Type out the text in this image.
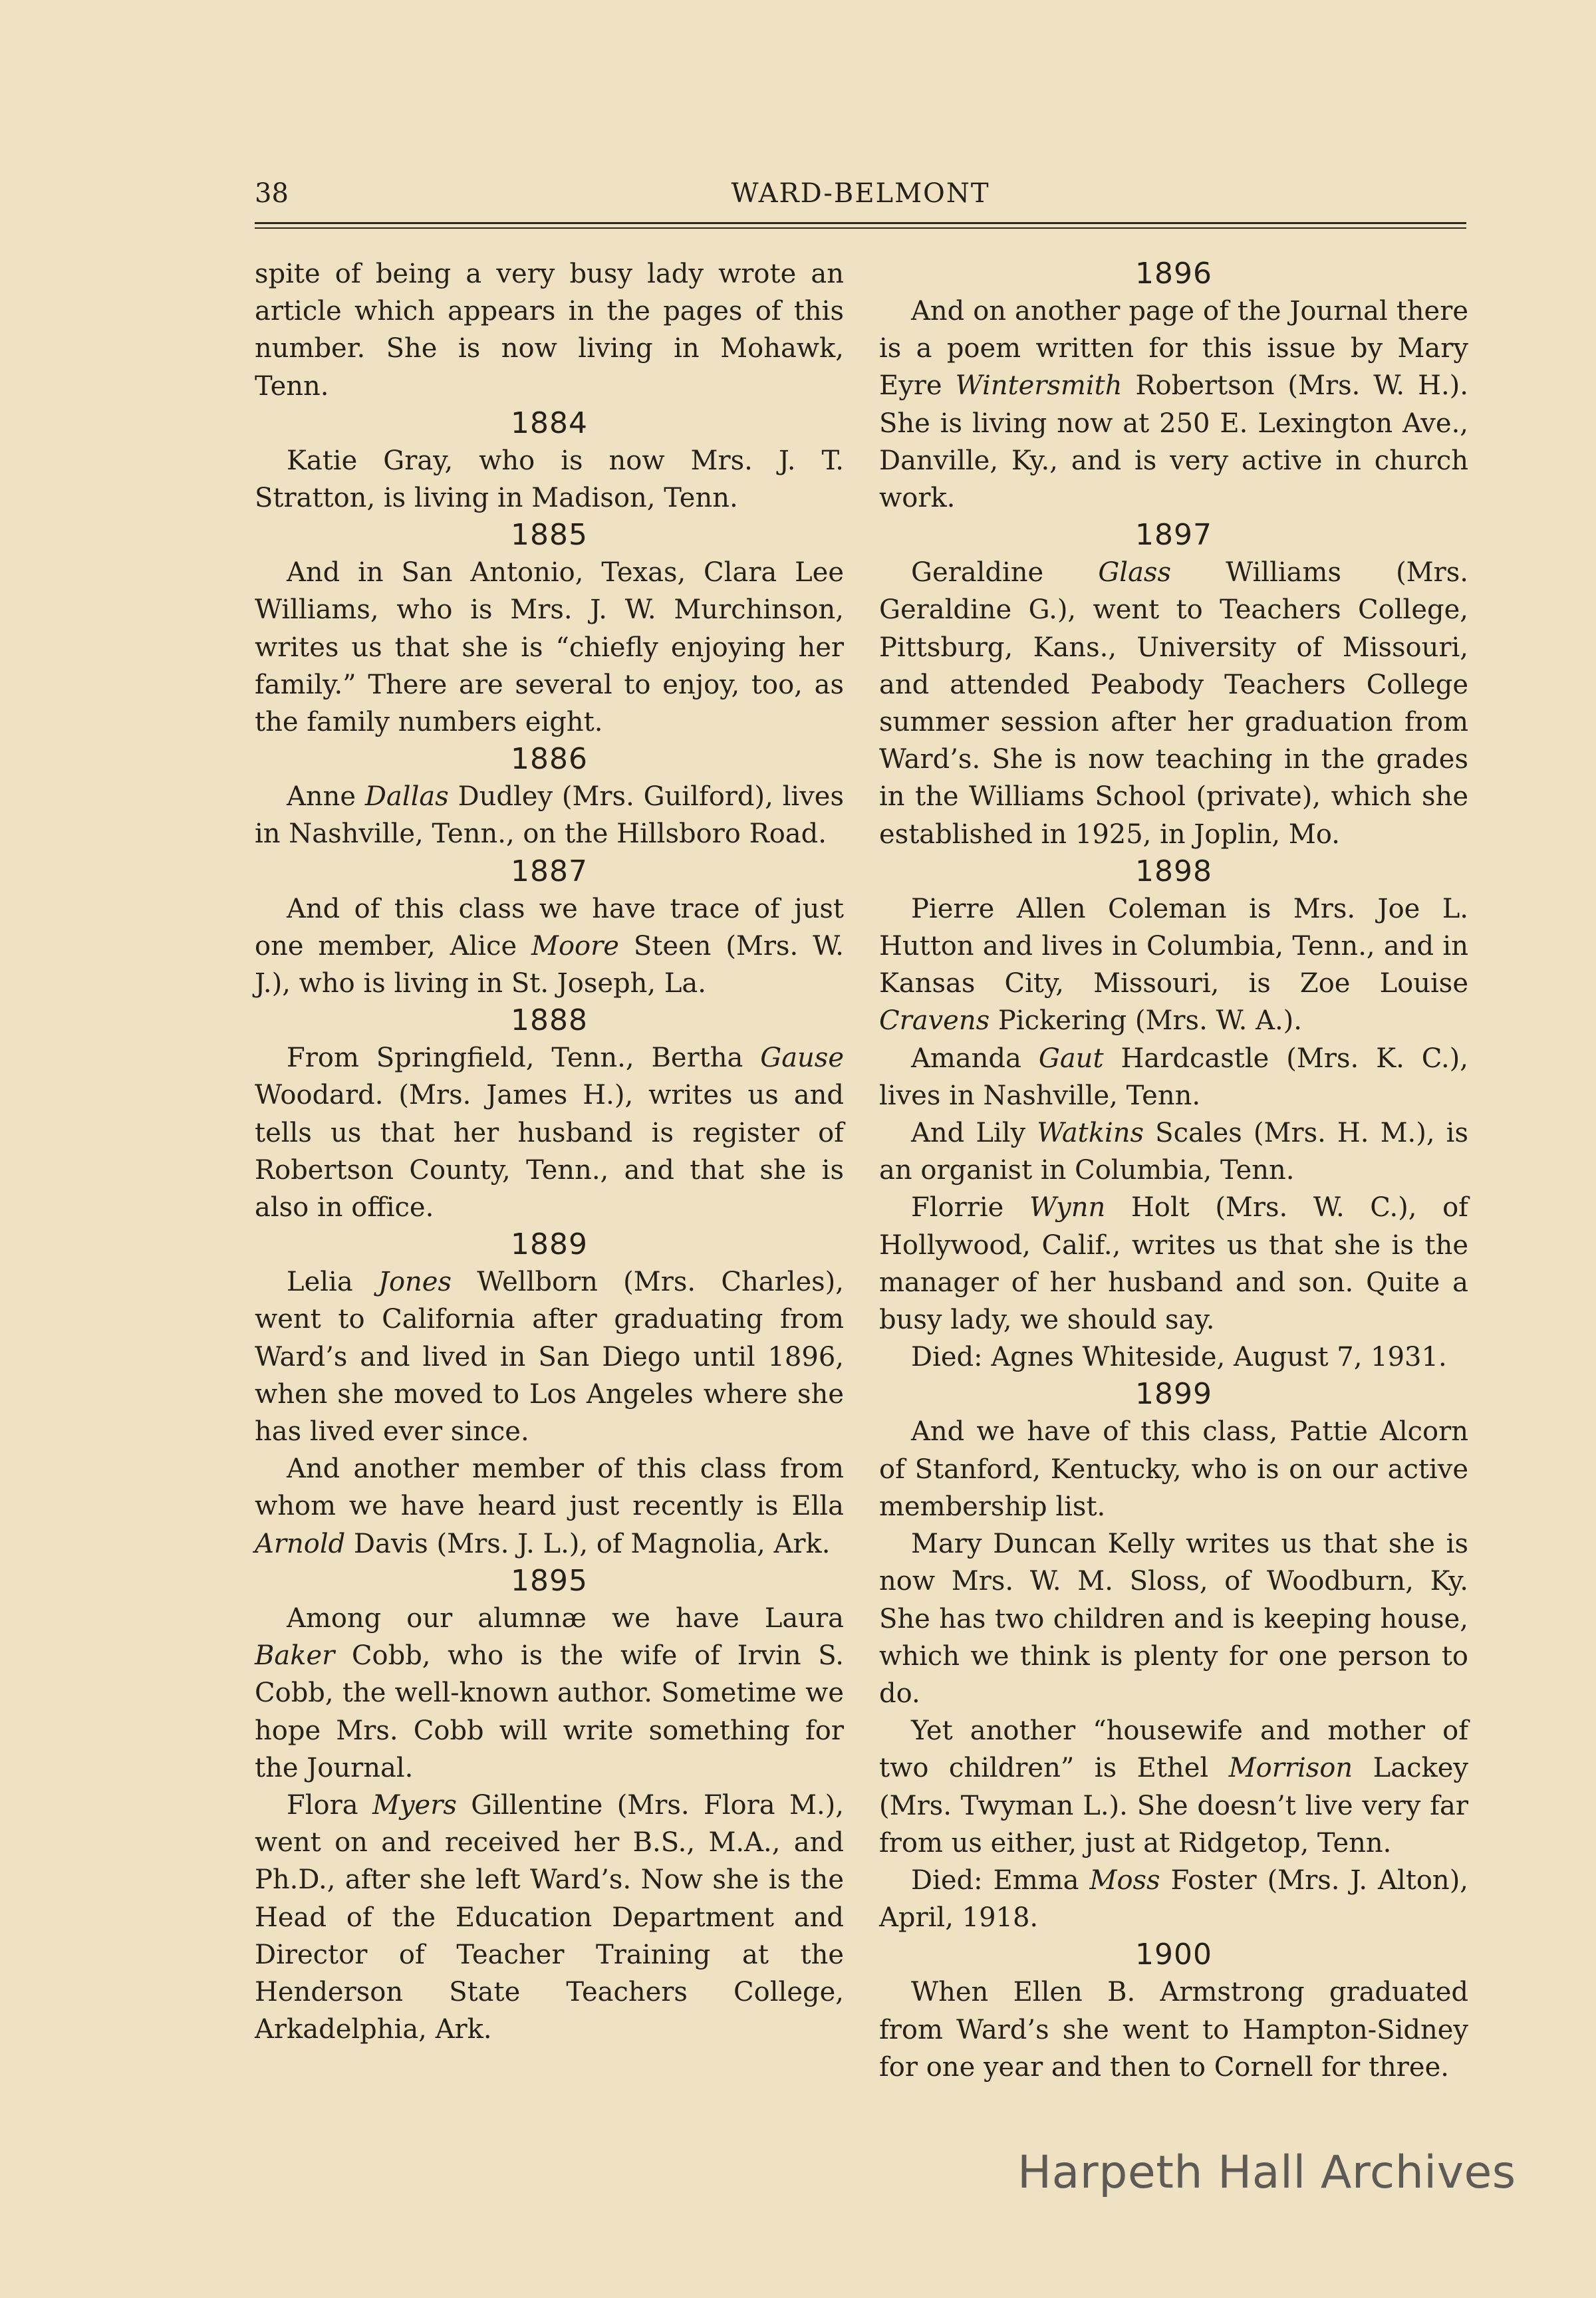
38	WARD-BELMONT

spite of being a very busy lady wrote an article which appears in the pages of this number. She is now living in Mohawk, Tenn.

1884

Katie Gray, who is now Mrs. J. T. Stratton, is living in Madison, Tenn.

1885

And in San Antonio, Texas, Clara Lee Williams, who is Mrs. J. W. Murchinson, writes us that she is “chiefly enjoying her family.” There are several to enjoy, too, as the family numbers eight.

1886

Anne Dallas Dudley (Mrs. Guilford), lives in Nashville, Tenn., on the Hillsboro Road.

1887

And of this class we have trace of just one member, Alice Moore Steen (Mrs. W. J.), who is living in St. Joseph, La.

1888

From Springfield, Tenn., Bertha Gause Woodard. (Mrs. James H.), writes us and tells us that her husband is register of Robertson County, Tenn., and that she is also in office.

1889

Lelia Jones Wellborn (Mrs. Charles), went to California after graduating from Ward’s and lived in San Diego until 1896, when she moved to Los Angeles where she has lived ever since.

And another member of this class from whom we have heard just recently is Ella Arnold Davis (Mrs. J. L.), of Magnolia, Ark.

1895

Among our alumnæ we have Laura Baker Cobb, who is the wife of Irvin S. Cobb, the well-known author. Sometime we hope Mrs. Cobb will write something for the Journal.

Flora Myers Gillentine (Mrs. Flora M.), went on and received her B.S., M.A., and Ph.D., after she left Ward’s. Now she is the Head of the Education Department and Director of Teacher Training at the Henderson State Teachers College, Arkadelphia, Ark.

1896

And on another page of the Journal there is a poem written for this issue by Mary Eyre Wintersmith Robertson (Mrs. W. H.). She is living now at 250 E. Lexington Ave., Danville, Ky., and is very active in church work.

1897

Geraldine Glass Williams (Mrs. Geraldine G.), went to Teachers College, Pittsburg, Kans., University of Missouri, and attended Peabody Teachers College summer session after her graduation from Ward’s. She is now teaching in the grades in the Williams School (private), which she established in 1925, in Joplin, Mo.

1898

Pierre Allen Coleman is Mrs. Joe L. Hutton and lives in Columbia, Tenn., and in Kansas City, Missouri, is Zoe Louise Cravens Pickering (Mrs. W. A.).

Amanda Gaut Hardcastle (Mrs. K. C.), lives in Nashville, Tenn.

And Lily Watkins Scales (Mrs. H. M.), is an organist in Columbia, Tenn.

Florrie Wynn Holt (Mrs. W. C.), of Hollywood, Calif., writes us that she is the manager of her husband and son. Quite a busy lady, we should say.

Died: Agnes Whiteside, August 7, 1931.

1899

And we have of this class, Pattie Alcorn of Stanford, Kentucky, who is on our active membership list.

Mary Duncan Kelly writes us that she is now Mrs. W. M. Sloss, of Woodburn, Ky. She has two children and is keeping house, which we think is plenty for one person to do.

Yet another “housewife and mother of two children” is Ethel Morrison Lackey (Mrs. Twyman L.). She doesn’t live very far from us either, just at Ridgetop, Tenn.

Died: Emma Moss Foster (Mrs. J. Alton), April, 1918.

1900

When Ellen B. Armstrong graduated from Ward’s she went to Hampton-Sidney for one year and then to Cornell for three.

Harpeth Hall Archives
